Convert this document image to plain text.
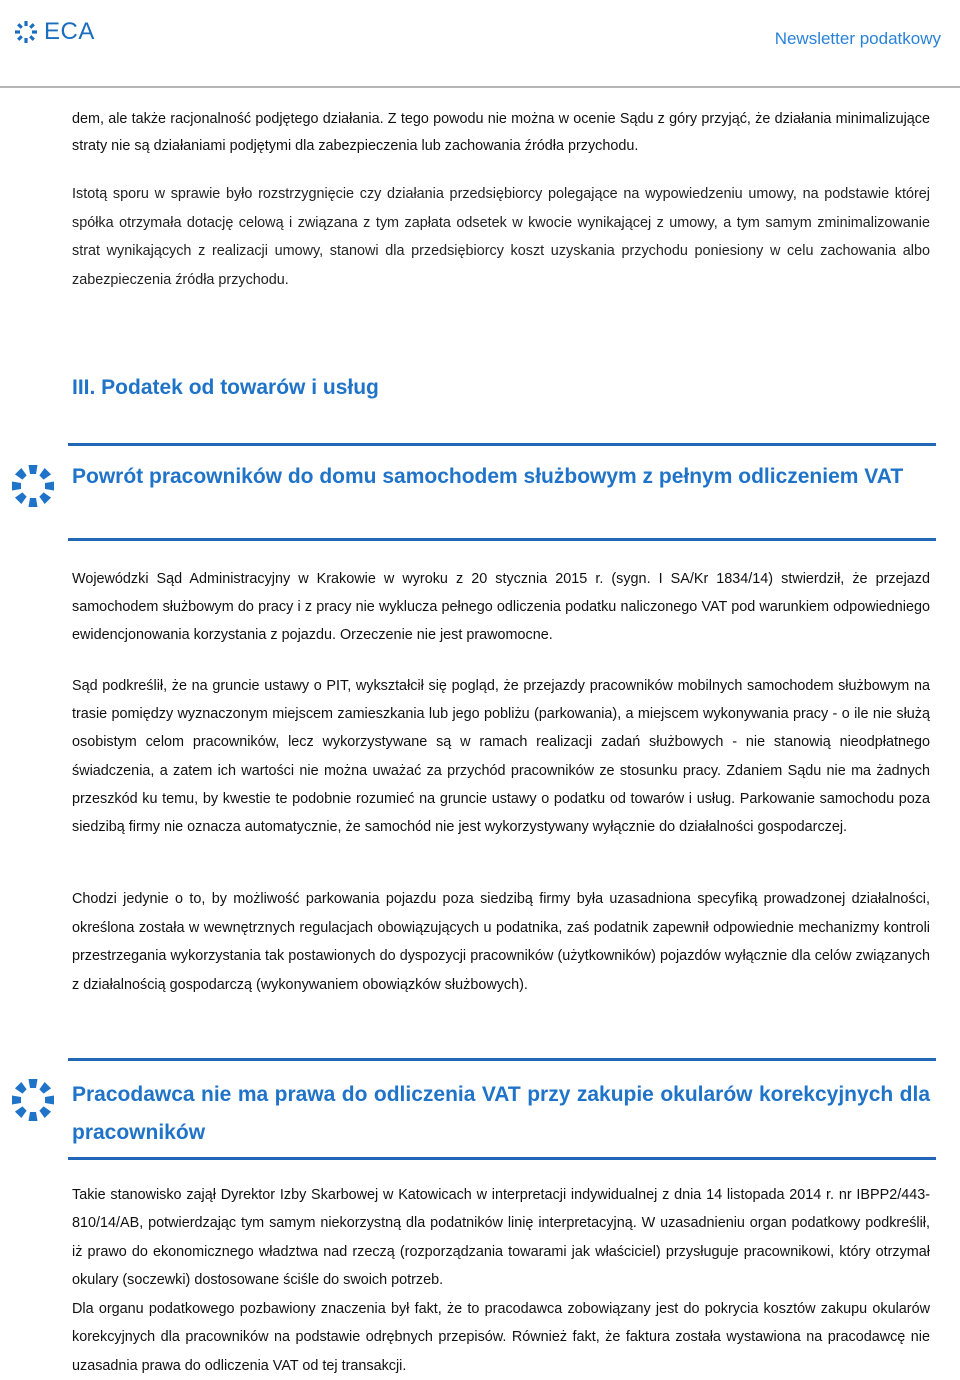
ECA	Newsletter podatkowy

dem, ale także racjonalność podjętego działania. Z tego powodu nie można w ocenie Sądu z góry przyjąć, że działania minimalizujące straty nie są działaniami podjętymi dla zabezpieczenia lub zachowania źródła przychodu.

Istotą sporu w sprawie było rozstrzygnięcie czy działania przedsiębiorcy polegające na wypowiedzeniu umowy, na podstawie której spółka otrzymała dotację celową i związana z tym zapłata odsetek w kwocie wynikającej z umowy, a tym samym zminimalizowanie strat wynikających z realizacji umowy, stanowi dla przedsiębiorcy koszt uzyskania przychodu poniesiony w celu zachowania albo zabezpieczenia źródła przychodu.

III. Podatek od towarów i usług
Powrót pracowników do domu samochodem służbowym z pełnym odliczeniem VAT

Wojewódzki Sąd Administracyjny w Krakowie w wyroku z 20 stycznia 2015 r. (sygn. I SA/Kr 1834/14) stwierdził, że przejazd samochodem służbowym do pracy i z pracy nie wyklucza pełnego odliczenia podatku naliczonego VAT pod warunkiem odpowiedniego ewidencjonowania korzystania z pojazdu. Orzeczenie nie jest prawomocne.

Sąd podkreślił, że na gruncie ustawy o PIT, wykształcił się pogląd, że przejazdy pracowników mobilnych samochodem służbowym na trasie pomiędzy wyznaczonym miejscem zamieszkania lub jego pobliżu (parkowania), a miejscem wykonywania pracy - o ile nie służą osobistym celom pracowników, lecz wykorzystywane są w ramach realizacji zadań służbowych - nie stanowią nieodpłatnego świadczenia, a zatem ich wartości nie można uważać za przychód pracowników ze stosunku pracy. Zdaniem Sądu nie ma żadnych przeszkód ku temu, by kwestie te podobnie rozumieć na gruncie ustawy o podatku od towarów i usług. Parkowanie samochodu poza siedzibą firmy nie oznacza automatycznie, że samochód nie jest wykorzystywany wyłącznie do działalności gospodarczej.

Chodzi jedynie o to, by możliwość parkowania pojazdu poza siedzibą firmy była uzasadniona specyfiką prowadzonej działalności, określona została w wewnętrznych regulacjach obowiązujących u podatnika, zaś podatnik zapewnił odpowiednie mechanizmy kontroli przestrzegania wykorzystania tak postawionych do dyspozycji pracowników (użytkowników) pojazdów wyłącznie dla celów związanych z działalnością gospodarczą (wykonywaniem obowiązków służbowych).

Pracodawca nie ma prawa do odliczenia VAT przy zakupie okularów korekcyjnych dla pracowników

Takie stanowisko zajął Dyrektor Izby Skarbowej w Katowicach w interpretacji indywidualnej z dnia 14 listopada 2014 r. nr IBPP2/443-810/14/AB, potwierdzając tym samym niekorzystną dla podatników linię interpretacyjną. W uzasadnieniu organ podatkowy podkreślił, iż prawo do ekonomicznego władztwa nad rzeczą (rozporządzania towarami jak właściciel) przysługuje pracownikowi, który otrzymał okulary (soczewki) dostosowane ściśle do swoich potrzeb.

Dla organu podatkowego pozbawiony znaczenia był fakt, że to pracodawca zobowiązany jest do pokrycia kosztów zakupu okularów korekcyjnych dla pracowników na podstawie odrębnych przepisów. Również fakt, że faktura została wystawiona na pracodawcę nie uzasadnia prawa do odliczenia VAT od tej transakcji.
